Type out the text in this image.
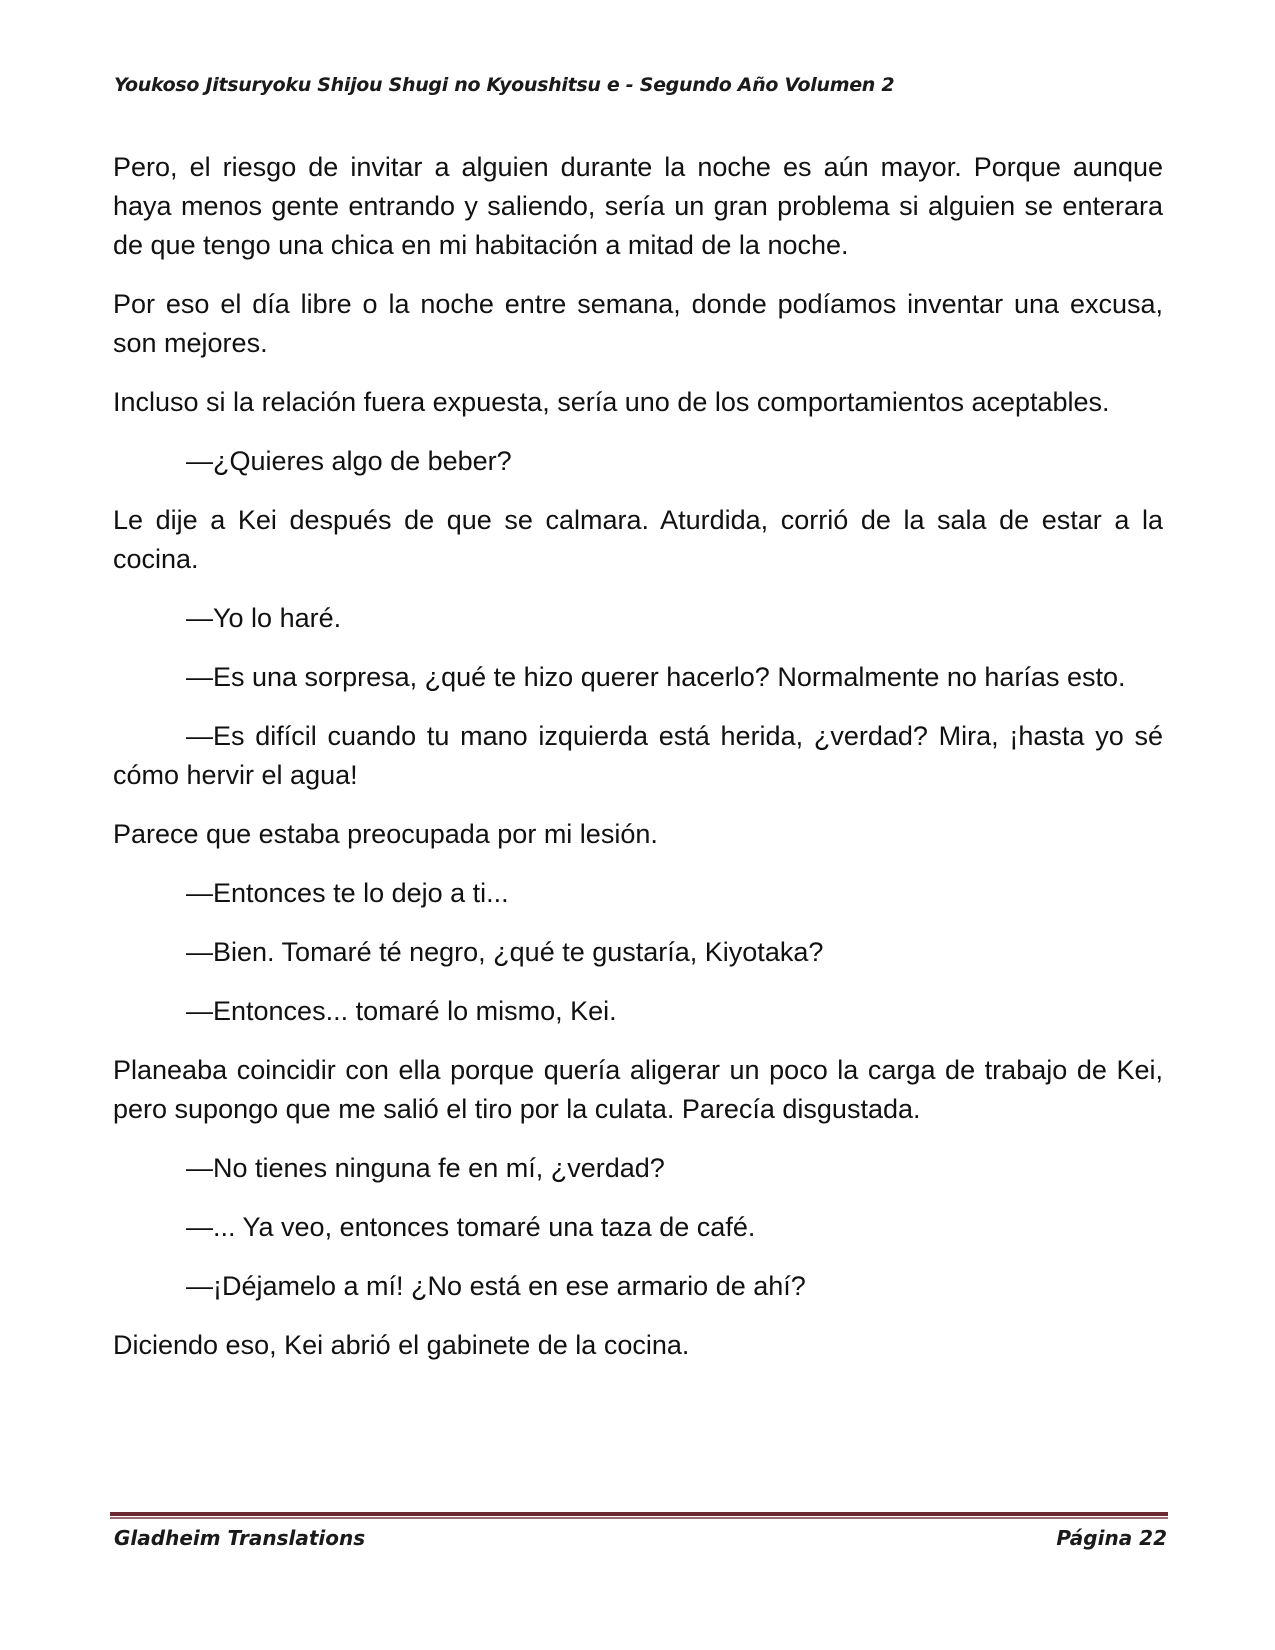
Youkoso Jitsuryoku Shijou Shugi no Kyoushitsu e - Segundo Año Volumen 2

Pero, el riesgo de invitar a alguien durante la noche es aún mayor. Porque aunque haya menos gente entrando y saliendo, sería un gran problema si alguien se enterara de que tengo una chica en mi habitación a mitad de la noche.

Por eso el día libre o la noche entre semana, donde podíamos inventar una excusa, son mejores.

Incluso si la relación fuera expuesta, sería uno de los comportamientos aceptables.

—¿Quieres algo de beber?

Le dije a Kei después de que se calmara. Aturdida, corrió de la sala de estar a la cocina.

—Yo lo haré.

—Es una sorpresa, ¿qué te hizo querer hacerlo? Normalmente no harías esto.

—Es difícil cuando tu mano izquierda está herida, ¿verdad? Mira, ¡hasta yo sé cómo hervir el agua!

Parece que estaba preocupada por mi lesión.

—Entonces te lo dejo a ti...

—Bien. Tomaré té negro, ¿qué te gustaría, Kiyotaka?

—Entonces... tomaré lo mismo, Kei.

Planeaba coincidir con ella porque quería aligerar un poco la carga de trabajo de Kei, pero supongo que me salió el tiro por la culata. Parecía disgustada.

—No tienes ninguna fe en mí, ¿verdad?

—... Ya veo, entonces tomaré una taza de café.

—¡Déjamelo a mí! ¿No está en ese armario de ahí?

Diciendo eso, Kei abrió el gabinete de la cocina.

Gladheim Translations	Página 22
